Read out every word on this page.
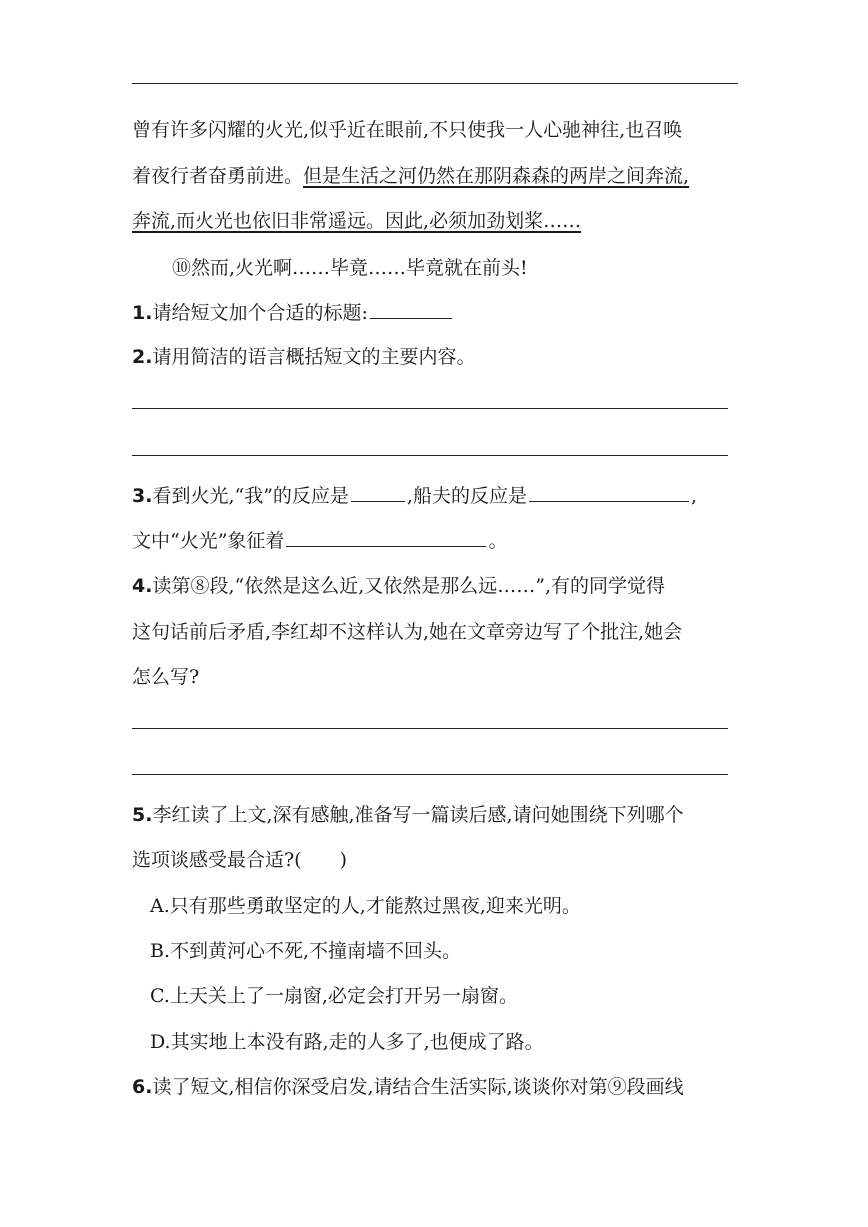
曾有许多闪耀的火光,似乎近在眼前,不只使我一人心驰神往,也召唤
着夜行者奋勇前进。但是生活之河仍然在那阴森森的两岸之间奔流,
奔流,而火光也依旧非常遥远。因此,必须加劲划桨……
⑩然而,火光啊……毕竟……毕竟就在前头!
1.请给短文加个合适的标题:
2.请用简洁的语言概括短文的主要内容。
3.看到火光,“我”的反应是	,船夫的反应是	,
文中“火光”象征着	。
4.读第⑧段,“依然是这么近,又依然是那么远……”,有的同学觉得
这句话前后矛盾,李红却不这样认为,她在文章旁边写了个批注,她会
怎么写?
5.李红读了上文,深有感触,准备写一篇读后感,请问她围绕下列哪个
选项谈感受最合适?(　　)
A.只有那些勇敢坚定的人,才能熬过黑夜,迎来光明。
B.不到黄河心不死,不撞南墙不回头。
C.上天关上了一扇窗,必定会打开另一扇窗。
D.其实地上本没有路,走的人多了,也便成了路。
6.读了短文,相信你深受启发,请结合生活实际,谈谈你对第⑨段画线
